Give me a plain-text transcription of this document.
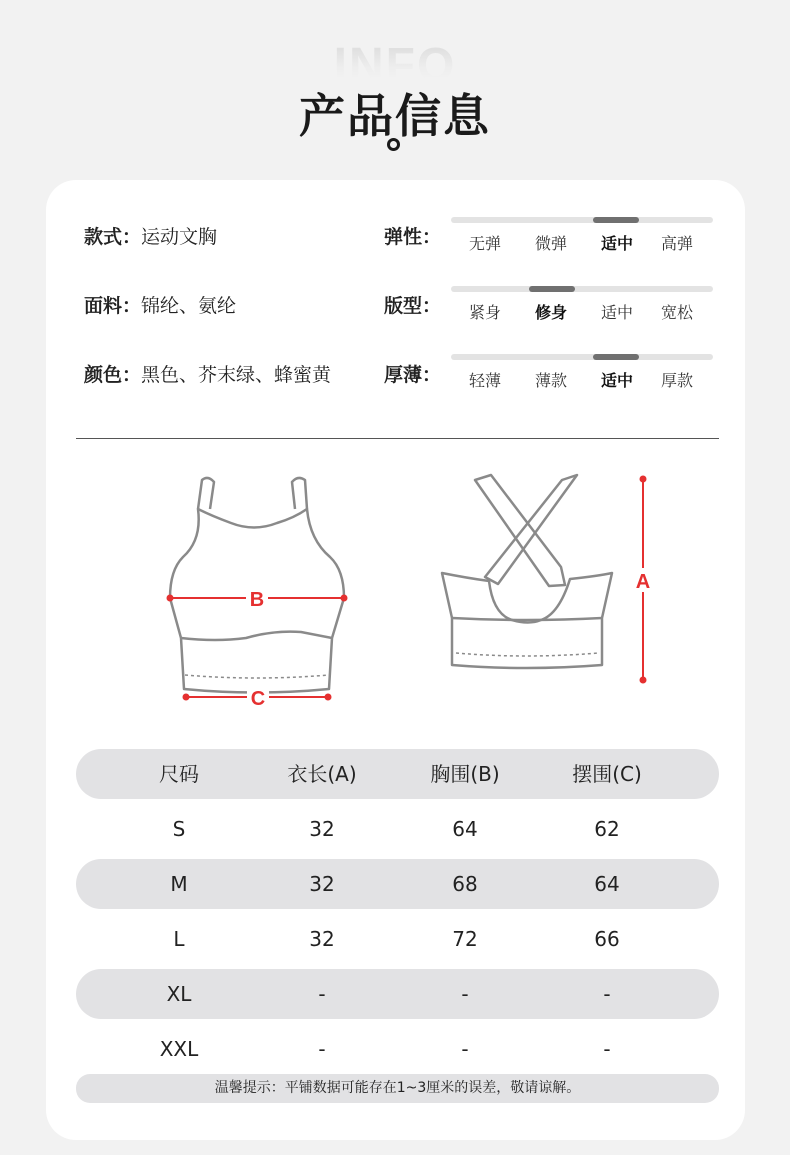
INFO
产品信息
款式：运动文胸
面料：锦纶、氨纶
颜色：黑色、芥末绿、蜂蜜黄
弹性：
版型：
厚薄：
无弹	微弹	适中	高弹
紧身	修身	适中	宽松
轻薄	薄款	适中	厚款
B
C
A
尺码	衣长(A)	胸围(B)	摆围(C)
S	32	64	62
M	32	68	64
L	32	72	66
XL	-	-	-
XXL	-	-	-
温馨提示：平铺数据可能存在1~3厘米的误差，敬请谅解。
